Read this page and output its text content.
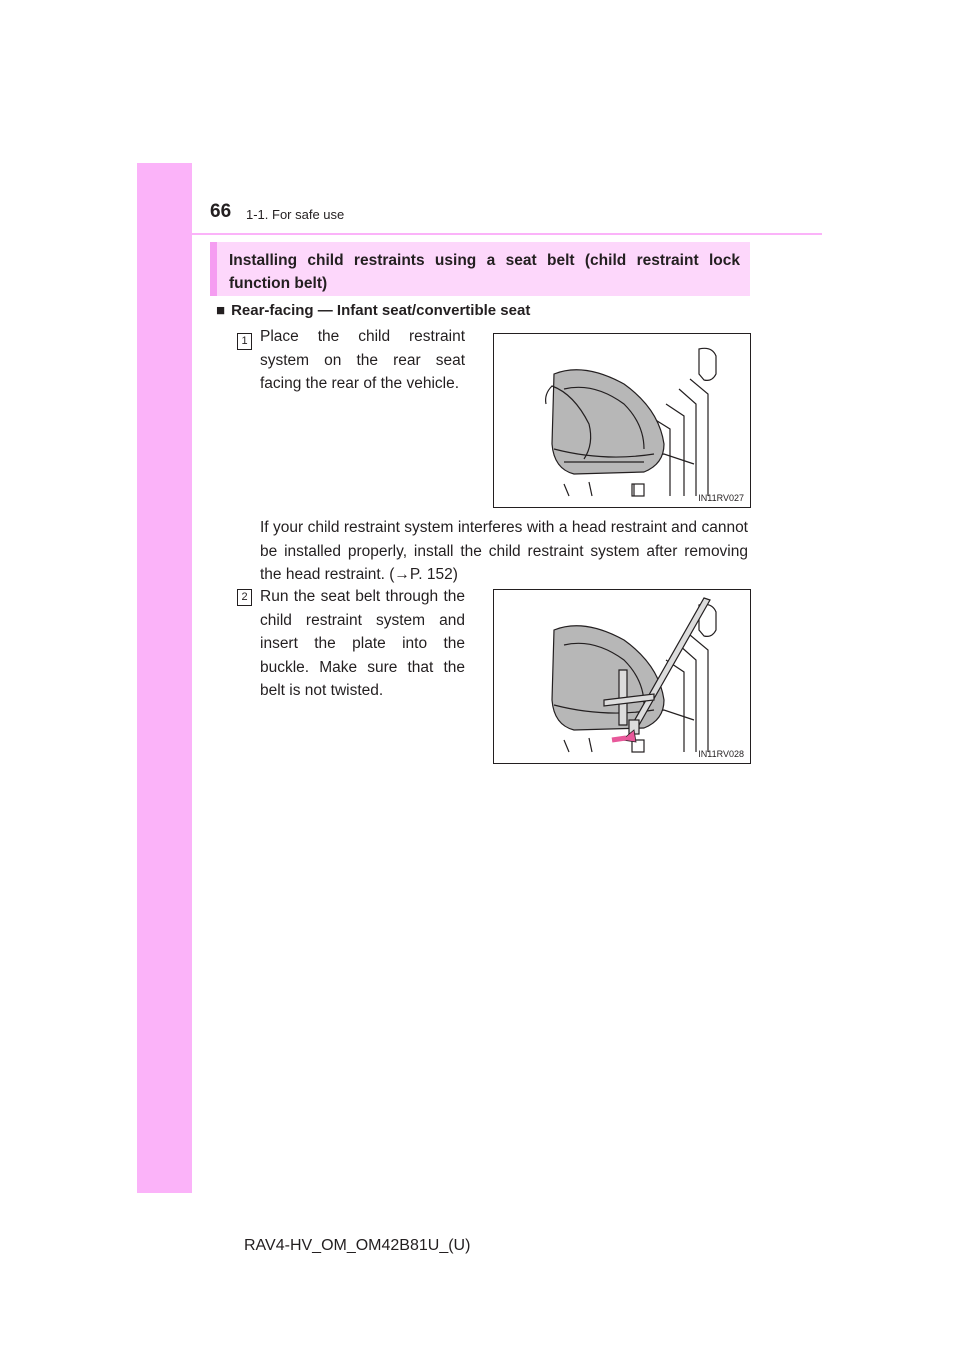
66 1-1. For safe use
Installing child restraints using a seat belt (child restraint lock function belt)
■ Rear-facing — Infant seat/convertible seat
1 Place the child restraint system on the rear seat facing the rear of the vehicle.
IN11RV027
If your child restraint system interferes with a head restraint and cannot be installed properly, install the child restraint system after removing the head restraint. (→P. 152)
2 Run the seat belt through the child restraint system and insert the plate into the buckle. Make sure that the belt is not twisted.
IN11RV028
RAV4-HV_OM_OM42B81U_(U)
